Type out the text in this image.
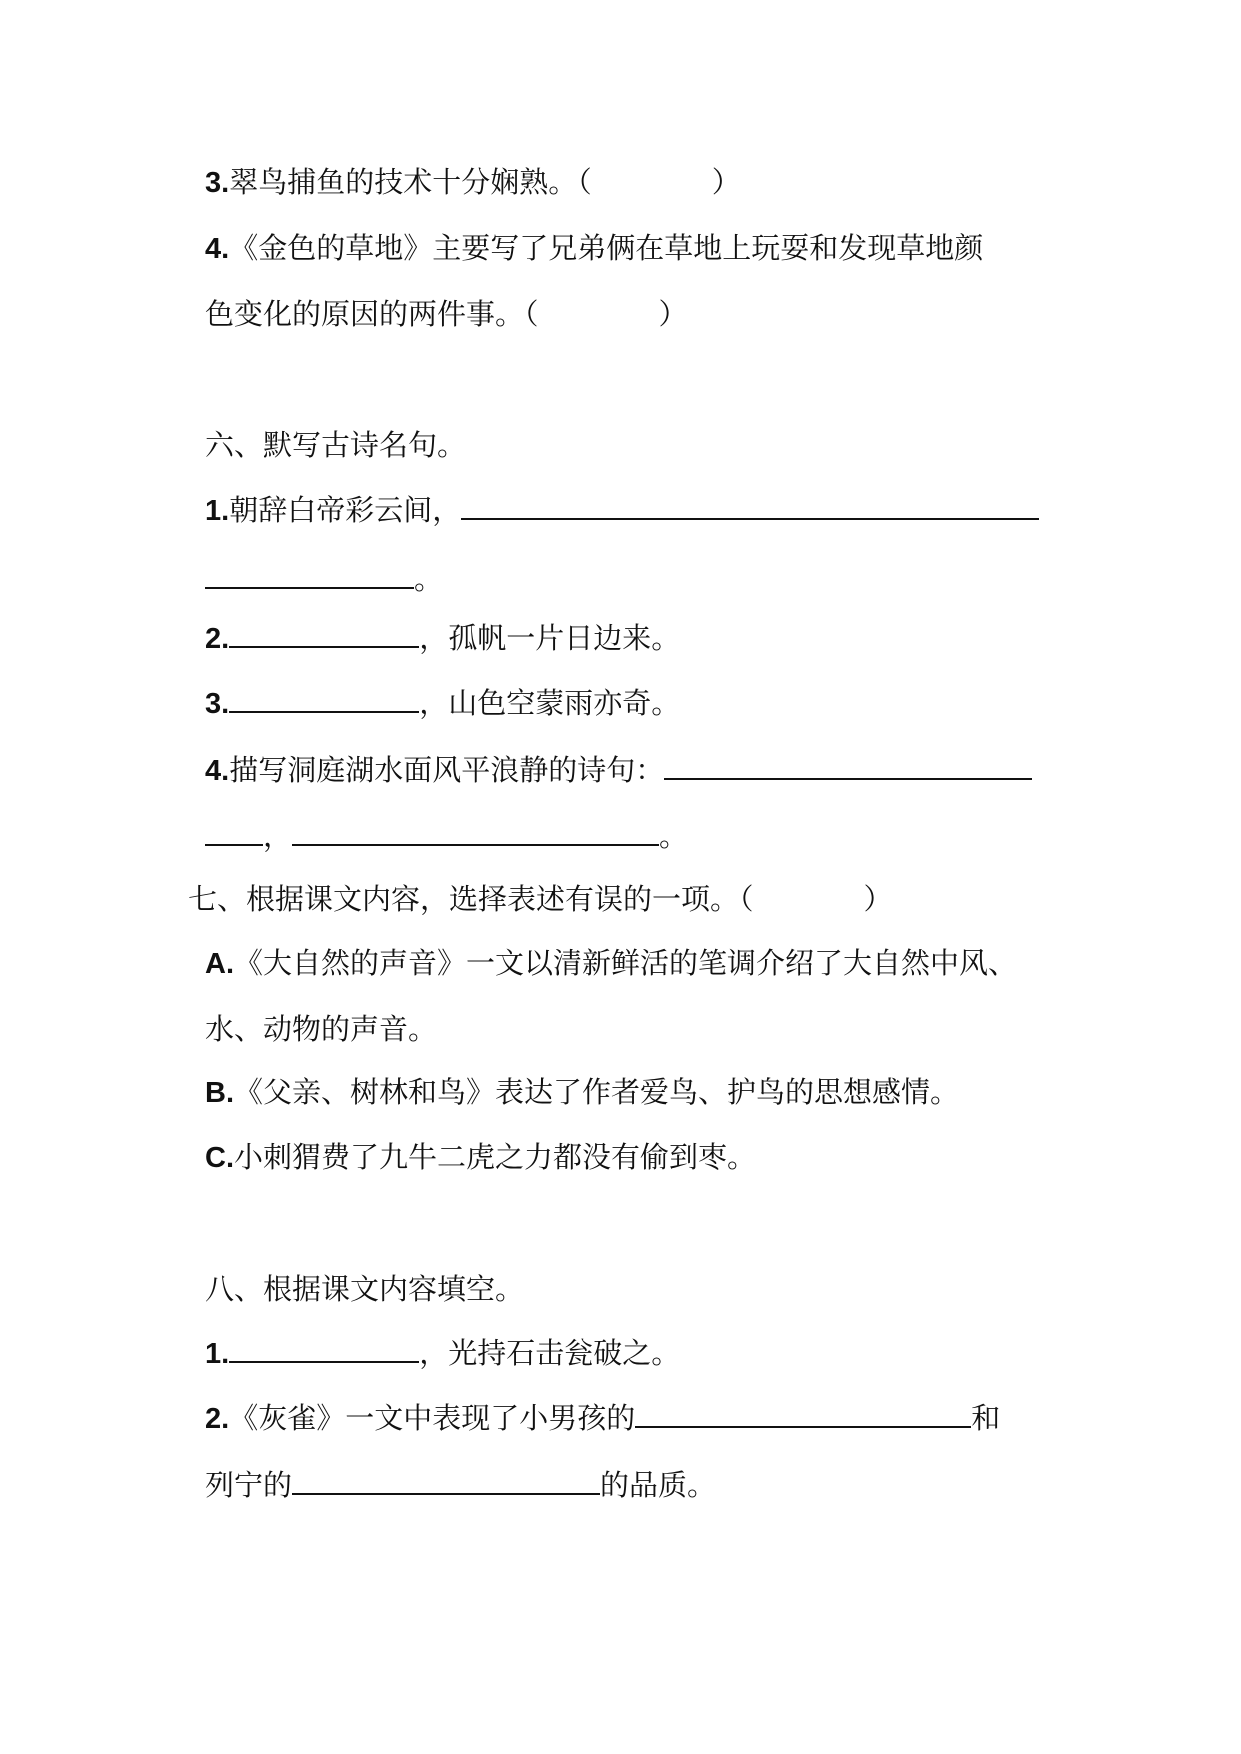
3. 翠鸟捕鱼的技术十分娴熟。（	）
4. 《金色的草地》主要写了兄弟俩在草地上玩耍和发现草地颜
色变化的原因的两件事。（	）
六、默写古诗名句。
1. 朝辞白帝彩云间，
。
2.	，孤帆一片日边来。
3.	，山色空蒙雨亦奇。
4. 描写洞庭湖水面风平浪静的诗句：
，	。
七、根据课文内容，选择表述有误的一项。（	）
A. 《大自然的声音》一文以清新鲜活的笔调介绍了大自然中风、
水、动物的声音。
B. 《父亲、树林和鸟》表达了作者爱鸟、护鸟的思想感情。
C. 小刺猬费了九牛二虎之力都没有偷到枣。
八、根据课文内容填空。
1.	，光持石击瓮破之。
2. 《灰雀》一文中表现了小男孩的	和
列宁的	的品质。
